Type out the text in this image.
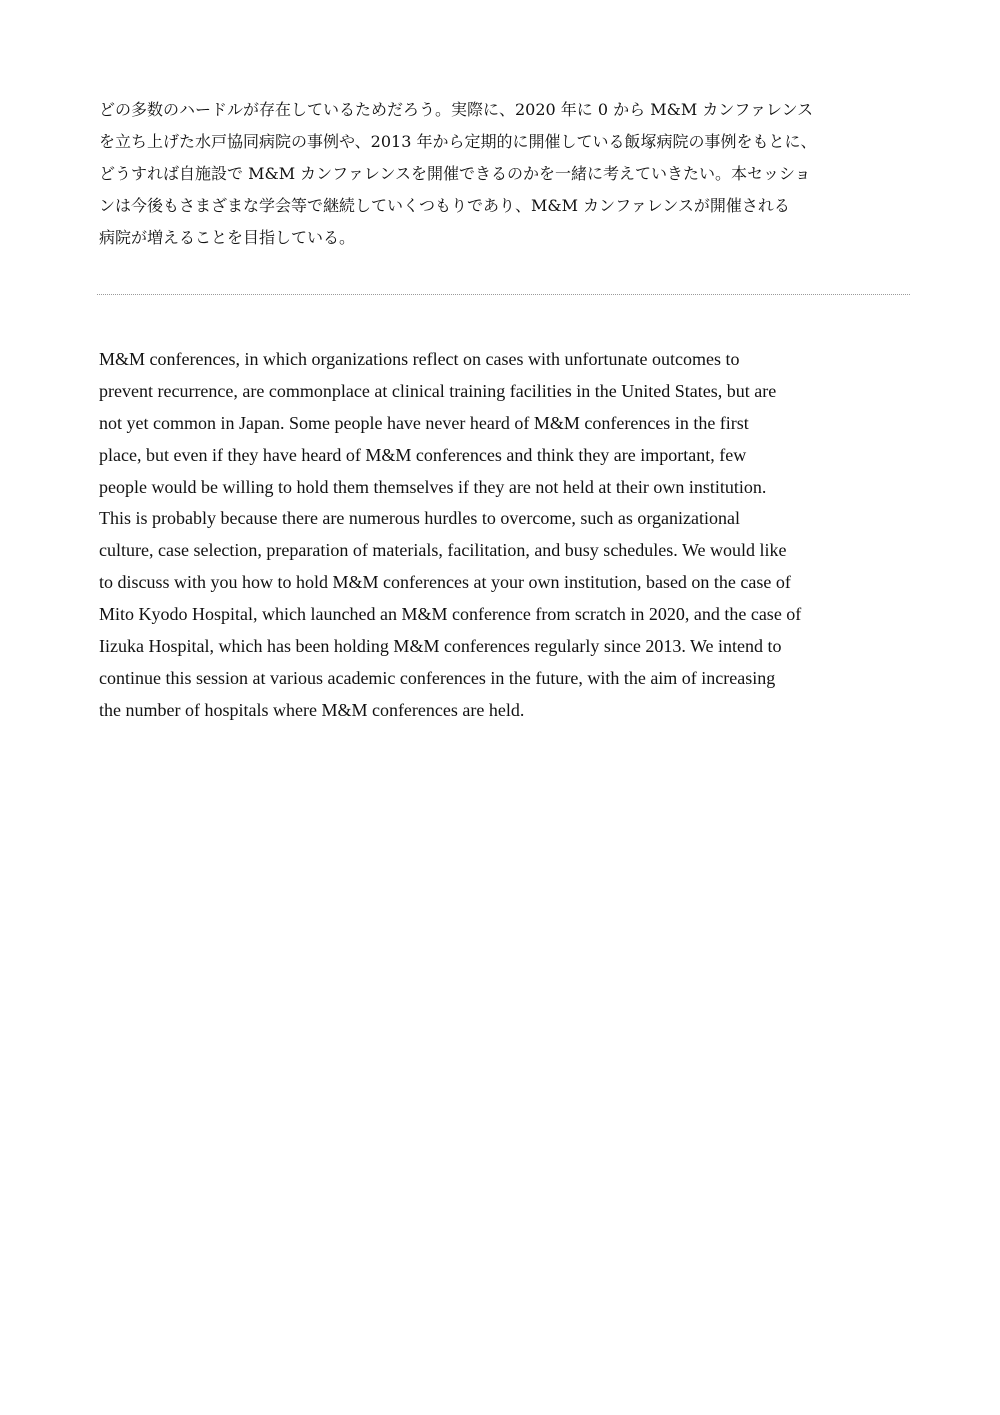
どの多数のハードルが存在しているためだろう。実際に、2020 年に 0 から M&M カンファレンス
を立ち上げた水戸協同病院の事例や、2013 年から定期的に開催している飯塚病院の事例をもとに、
どうすれば自施設で M&M カンファレンスを開催できるのかを一緒に考えていきたい。本セッショ
ンは今後もさまざまな学会等で継続していくつもりであり、M&M カンファレンスが開催される
病院が増えることを目指している。
M&M conferences, in which organizations reflect on cases with unfortunate outcomes to
prevent recurrence, are commonplace at clinical training facilities in the United States, but are
not yet common in Japan. Some people have never heard of M&M conferences in the first
place, but even if they have heard of M&M conferences and think they are important, few
people would be willing to hold them themselves if they are not held at their own institution.
This is probably because there are numerous hurdles to overcome, such as organizational
culture, case selection, preparation of materials, facilitation, and busy schedules. We would like
to discuss with you how to hold M&M conferences at your own institution, based on the case of
Mito Kyodo Hospital, which launched an M&M conference from scratch in 2020, and the case of
Iizuka Hospital, which has been holding M&M conferences regularly since 2013. We intend to
continue this session at various academic conferences in the future, with the aim of increasing
the number of hospitals where M&M conferences are held.
